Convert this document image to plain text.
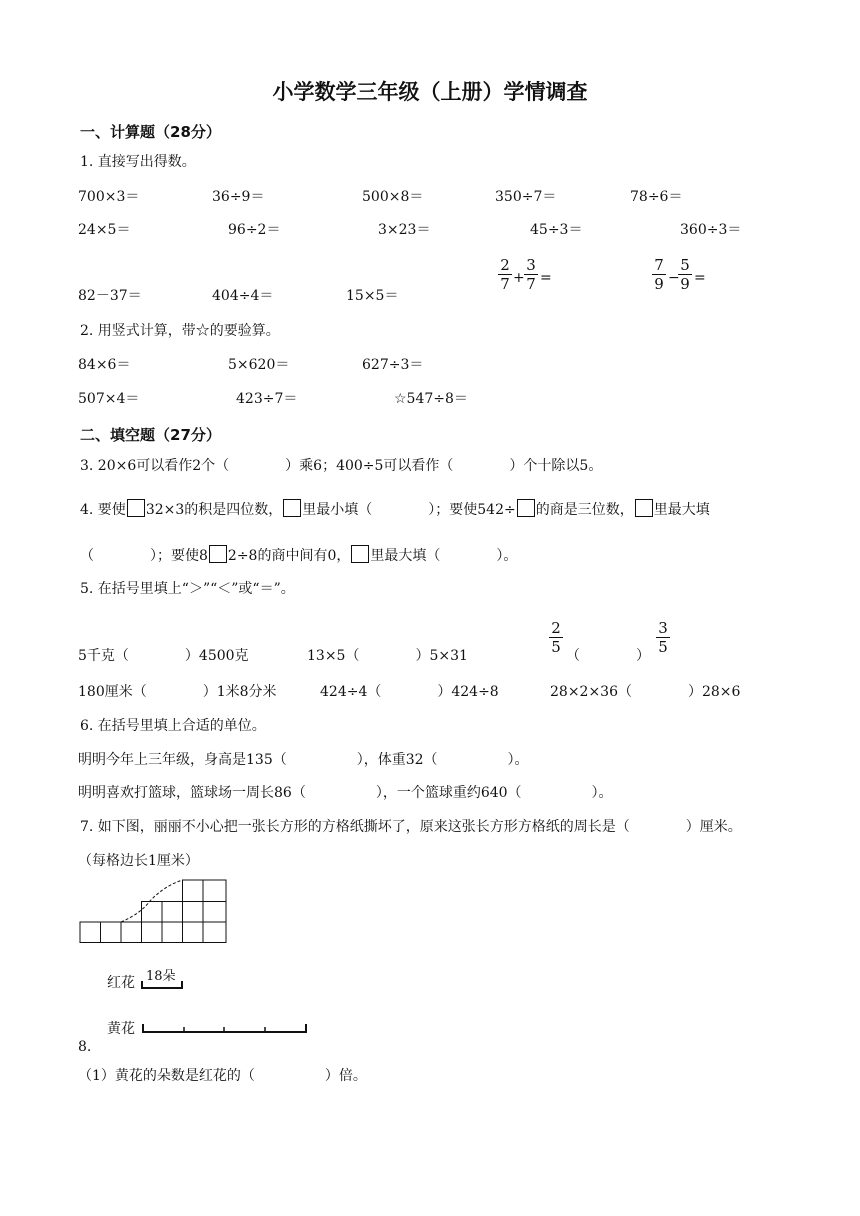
小学数学三年级（上册）学情调查
一、计算题（28分）
1. 直接写出得数。
700×3＝	36÷9＝	500×8＝	350÷7＝	78÷6＝
24×5＝	96÷2＝	3×23＝	45÷3＝	360÷3＝
82－37＝	404÷4＝	15×5＝
2
7 +
3
7 =
7
9 −
5
9 =
2. 用竖式计算，带☆的要验算。
84×6＝	5×620＝	627÷3＝
507×4＝	423÷7＝	☆547÷8＝
二、填空题（27分）
3. 20×6可以看作2个（　　　　）乘6；400÷5可以看作（　　　　）个十除以5。
4. 要使 32×3的积是四位数， 里最小填（　　　　）；要使542÷ 的商是三位数， 里最大填
（　　　　）；要使8 2÷8的商中间有0， 里最大填（　　　　）。
5. 在括号里填上“＞”“＜”或“＝”。
5千克（　　　　）4500克	13×5（　　　　）5×31
2
5 （　　　　）
3
5
180厘米（　　　　）1米8分米	424÷4（　　　　）424÷8	28×2×36（　　　　）28×6
6. 在括号里填上合适的单位。
明明今年上三年级，身高是135（　　　　　），体重32（　　　　　）。
明明喜欢打篮球，篮球场一周长86（　　　　　），一个篮球重约640（　　　　　）。
7. 如下图，丽丽不小心把一张长方形的方格纸撕坏了，原来这张长方形方格纸的周长是（　　　　）厘米。
（每格边长1厘米）
红花 18朵
黄花
8.
（1）黄花的朵数是红花的（　　　　　）倍。
